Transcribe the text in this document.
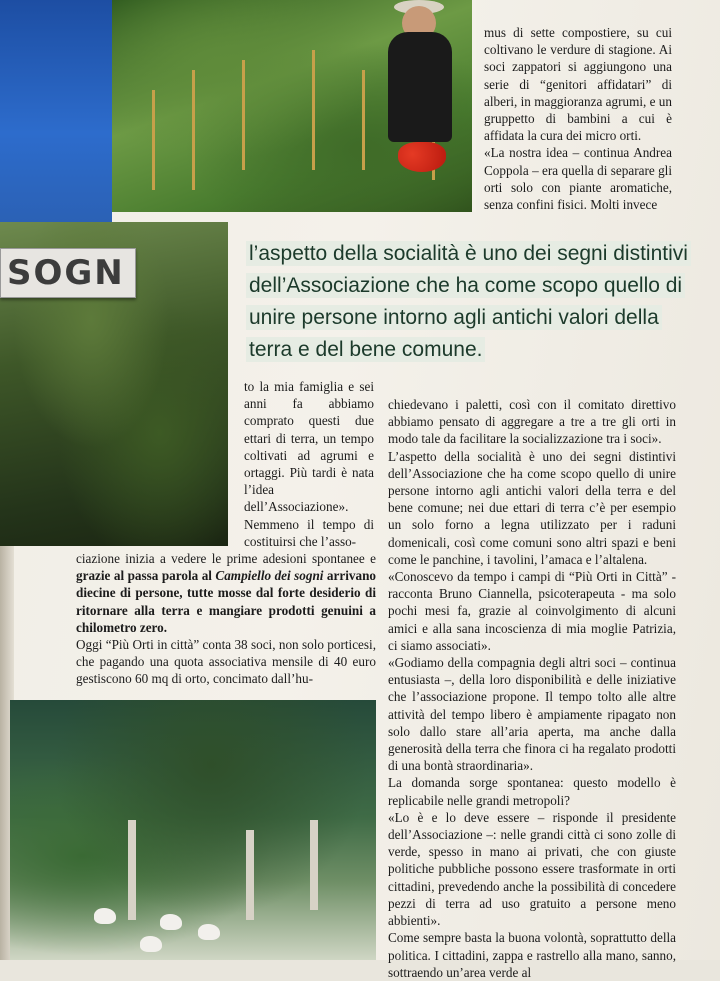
SOGN	l’aspetto della socialità è uno dei segni distintivi
dell’Associazione che ha come scopo quello di
unire persone intorno agli antichi valori della
terra e del bene comune.

mus di sette compostiere, su cui coltivano le verdure di stagione. Ai soci zappatori si aggiungono una serie di “genitori affidatari” di alberi, in maggioranza agrumi, e un gruppetto di bambini a cui è affidata la cura dei micro orti.
«La nostra idea – continua Andrea Coppola – era quella di separare gli orti solo con piante aromatiche, senza confini fisici. Molti invece

to la mia famiglia e sei anni fa abbiamo comprato questi due ettari di terra, un tempo coltivati ad agrumi e ortaggi. Più tardi è nata l’idea dell’Associazione».
Nemmeno il tempo di costituirsi che l’asso-

ciazione inizia a vedere le prime adesioni spontanee e grazie al passa parola al Campiello dei sogni arrivano diecine di persone, tutte mosse dal forte desiderio di ritornare alla terra e mangiare prodotti genuini a chilometro zero.

Oggi “Più Orti in città” conta 38 soci, non solo porticesi, che pagando una quota associativa mensile di 40 euro gestiscono 60 mq di orto, concimato dall’hu-

chiedevano i paletti, così con il comitato direttivo abbiamo pensato di aggregare a tre a tre gli orti in modo tale da facilitare la socializzazione tra i soci».
L’aspetto della socialità è uno dei segni distintivi dell’Associazione che ha come scopo quello di unire persone intorno agli antichi valori della terra e del bene comune; nei due ettari di terra c’è per esempio un solo forno a legna utilizzato per i raduni domenicali, così come comuni sono altri spazi e beni come le panchine, i tavolini, l’amaca e l’altalena.
«Conoscevo da tempo i campi di “Più Orti in Città” - racconta Bruno Ciannella, psicoterapeuta - ma solo pochi mesi fa, grazie al coinvolgimento di alcuni amici e alla sana incoscienza di mia moglie Patrizia, ci siamo associati».
«Godiamo della compagnia degli altri soci – continua entusiasta –, della loro disponibilità e delle iniziative che l’associazione propone. Il tempo tolto alle altre attività del tempo libero è ampiamente ripagato non solo dallo stare all’aria aperta, ma anche dalla generosità della terra che finora ci ha regalato prodotti di una bontà straordinaria».
La domanda sorge spontanea: questo modello è replicabile nelle grandi metropoli?
«Lo è e lo deve essere – risponde il presidente dell’Associazione –: nelle grandi città ci sono zolle di verde, spesso in mano ai privati, che con giuste politiche pubbliche possono essere trasformate in orti cittadini, prevedendo anche la possibilità di concedere pezzi di terra ad uso gratuito a persone meno abbienti».
Come sempre basta la buona volontà, soprattutto della politica. I cittadini, zappa e rastrello alla mano, sanno, sottraendo un’area verde al
